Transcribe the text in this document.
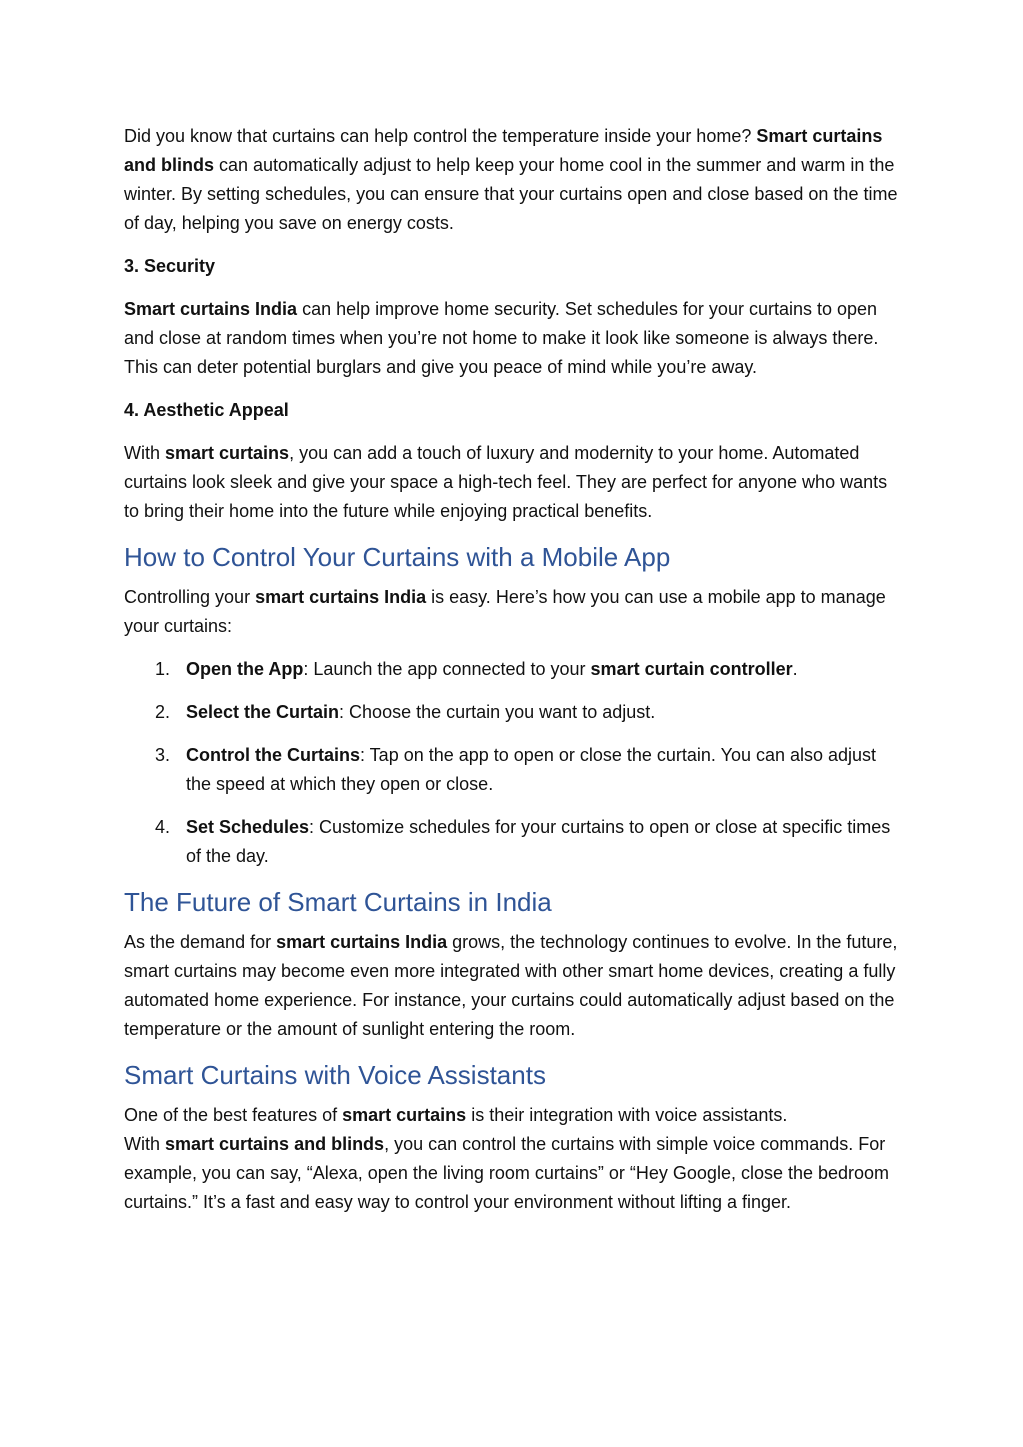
Did you know that curtains can help control the temperature inside your home? Smart curtains and blinds can automatically adjust to help keep your home cool in the summer and warm in the winter. By setting schedules, you can ensure that your curtains open and close based on the time of day, helping you save on energy costs.

3. Security

Smart curtains India can help improve home security. Set schedules for your curtains to open and close at random times when you’re not home to make it look like someone is always there. This can deter potential burglars and give you peace of mind while you’re away.

4. Aesthetic Appeal

With smart curtains, you can add a touch of luxury and modernity to your home. Automated curtains look sleek and give your space a high-tech feel. They are perfect for anyone who wants to bring their home into the future while enjoying practical benefits.

How to Control Your Curtains with a Mobile App

Controlling your smart curtains India is easy. Here’s how you can use a mobile app to manage your curtains:

1. Open the App: Launch the app connected to your smart curtain controller.
2. Select the Curtain: Choose the curtain you want to adjust.
3. Control the Curtains: Tap on the app to open or close the curtain. You can also adjust the speed at which they open or close.
4. Set Schedules: Customize schedules for your curtains to open or close at specific times of the day.
The Future of Smart Curtains in India

As the demand for smart curtains India grows, the technology continues to evolve. In the future, smart curtains may become even more integrated with other smart home devices, creating a fully automated home experience. For instance, your curtains could automatically adjust based on the temperature or the amount of sunlight entering the room.

Smart Curtains with Voice Assistants

One of the best features of smart curtains is their integration with voice assistants.
With smart curtains and blinds, you can control the curtains with simple voice commands. For example, you can say, “Alexa, open the living room curtains” or “Hey Google, close the bedroom curtains.” It’s a fast and easy way to control your environment without lifting a finger.
